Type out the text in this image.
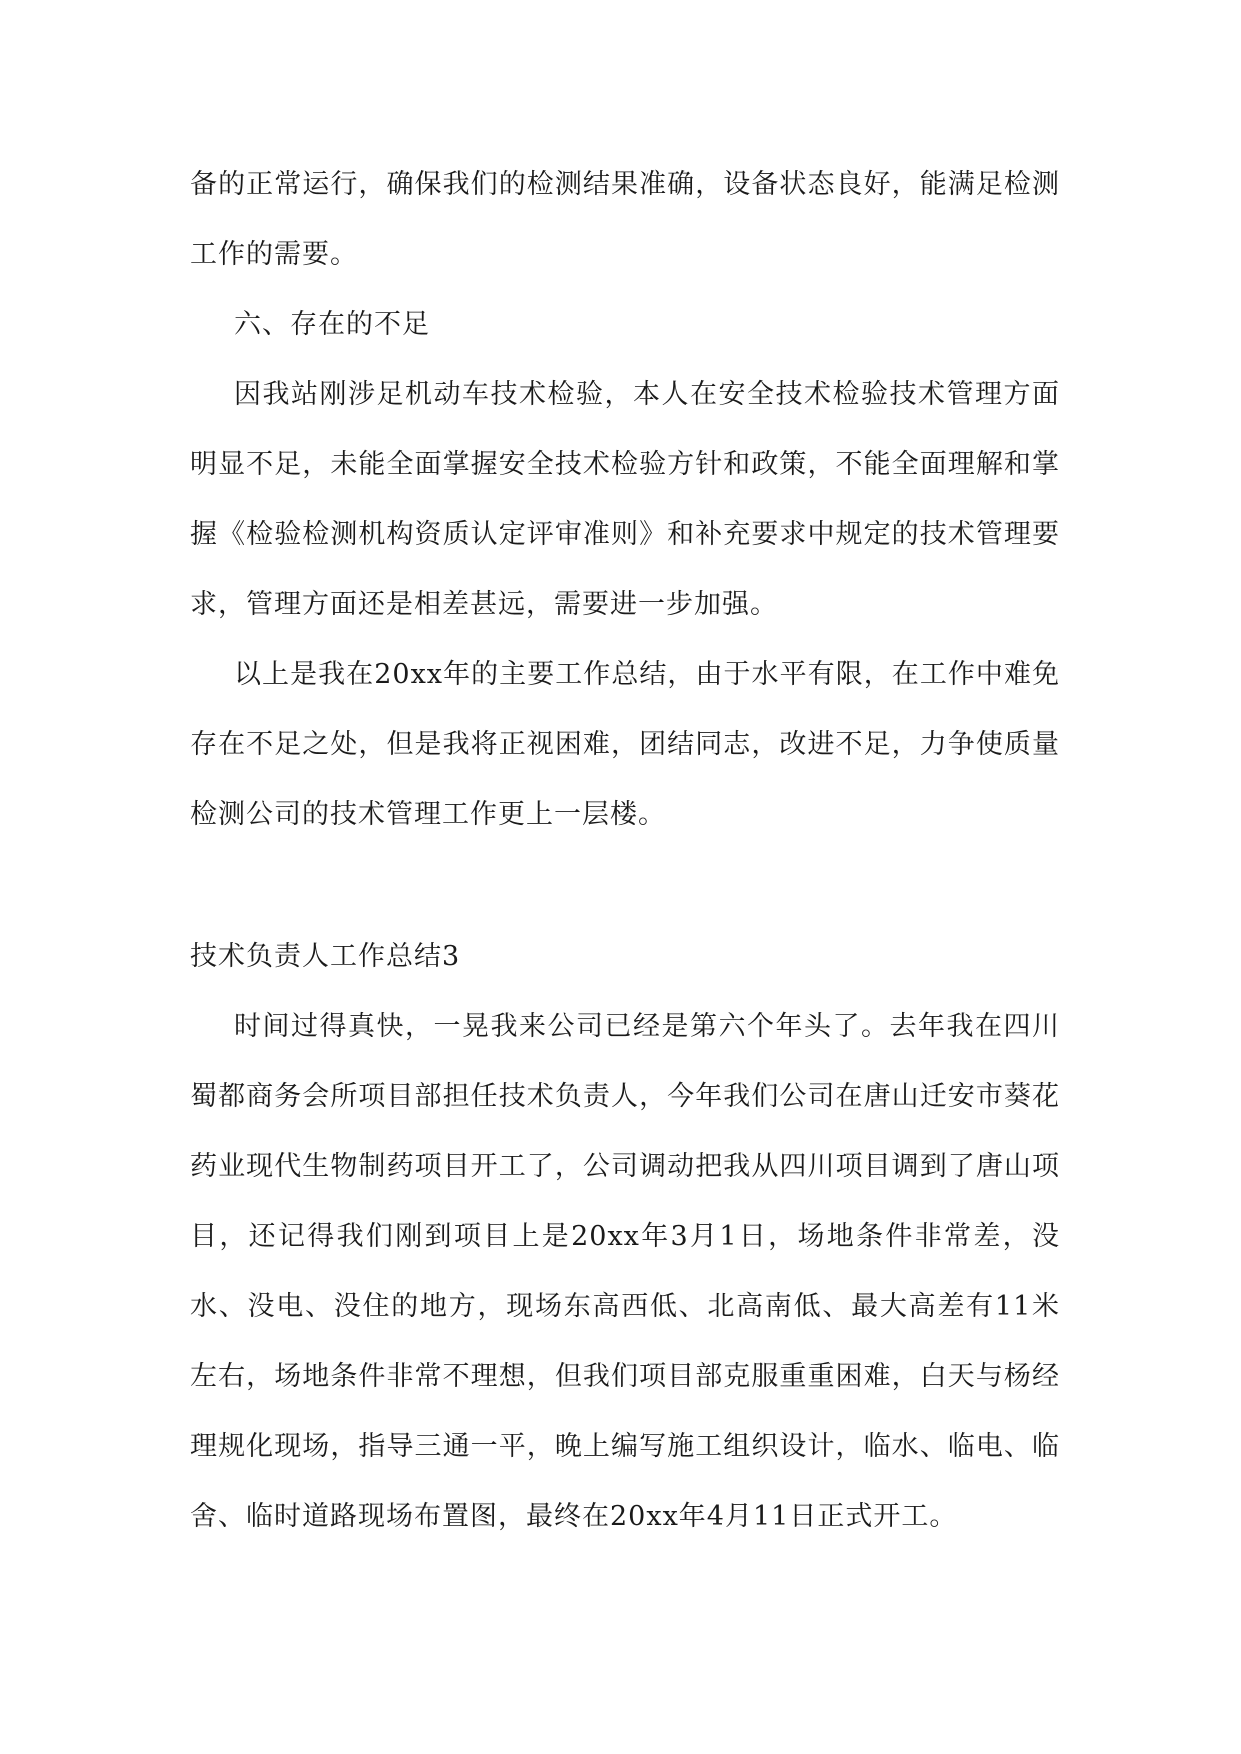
备的正常运行，确保我们的检测结果准确，设备状态良好，能满足检测工作的需要。

六、存在的不足

因我站刚涉足机动车技术检验，本人在安全技术检验技术管理方面明显不足，未能全面掌握安全技术检验方针和政策，不能全面理解和掌握《检验检测机构资质认定评审准则》和补充要求中规定的技术管理要求，管理方面还是相差甚远，需要进一步加强。

以上是我在20xx年的主要工作总结，由于水平有限，在工作中难免存在不足之处，但是我将正视困难，团结同志，改进不足，力争使质量检测公司的技术管理工作更上一层楼。

技术负责人工作总结3

时间过得真快，一晃我来公司已经是第六个年头了。去年我在四川蜀都商务会所项目部担任技术负责人，今年我们公司在唐山迁安市葵花药业现代生物制药项目开工了，公司调动把我从四川项目调到了唐山项目，还记得我们刚到项目上是20xx年3月1日，场地条件非常差，没水、没电、没住的地方，现场东高西低、北高南低、最大高差有11米左右，场地条件非常不理想，但我们项目部克服重重困难，白天与杨经理规化现场，指导三通一平，晚上编写施工组织设计，临水、临电、临舍、临时道路现场布置图，最终在20xx年4月11日正式开工。
